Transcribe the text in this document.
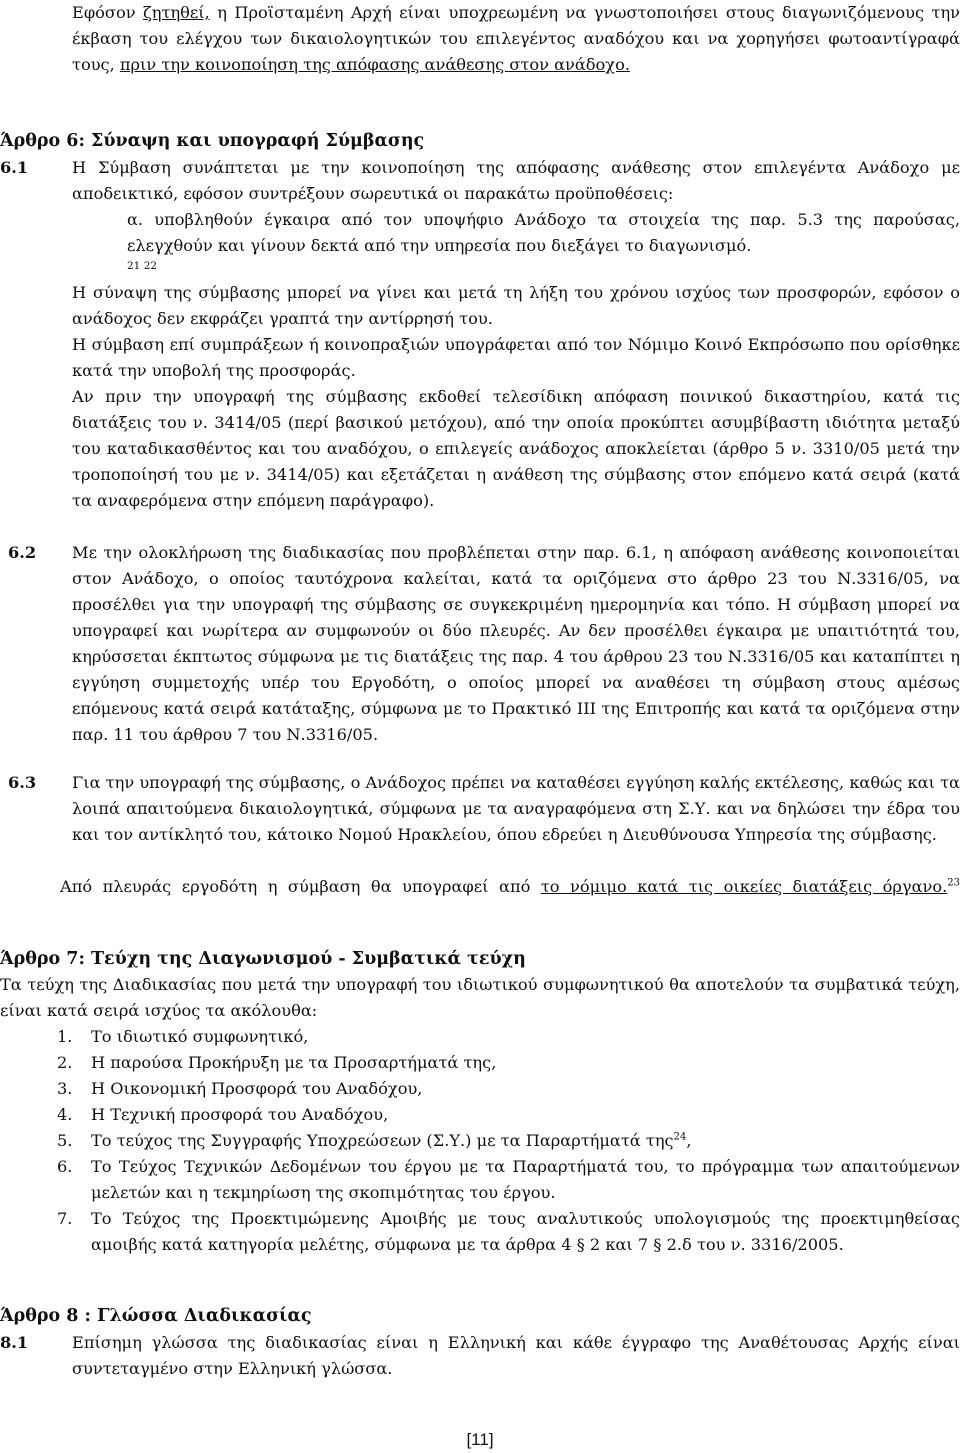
Εφόσον ζητηθεί, η Προϊσταμένη Αρχή είναι υποχρεωμένη να γνωστοποιήσει στους διαγωνιζόμενους την έκβαση του ελέγχου των δικαιολογητικών του επιλεγέντος αναδόχου και να χορηγήσει φωτοαντίγραφά τους, πριν την κοινοποίηση της απόφασης ανάθεσης στον ανάδοχο.
Άρθρο 6: Σύναψη και υπογραφή Σύμβασης
6.1	Η Σύμβαση συνάπτεται με την κοινοποίηση της απόφασης ανάθεσης στον επιλεγέντα Ανάδοχο με αποδεικτικό, εφόσον συντρέξουν σωρευτικά οι παρακάτω προϋποθέσεις:
α. υποβληθούν έγκαιρα από τον υποψήφιο Ανάδοχο τα στοιχεία της παρ. 5.3 της παρούσας, ελεγχθούν και γίνουν δεκτά από την υπηρεσία που διεξάγει το διαγωνισμό.
21 22
Η σύναψη της σύμβασης μπορεί να γίνει και μετά τη λήξη του χρόνου ισχύος των προσφορών, εφόσον ο ανάδοχος δεν εκφράζει γραπτά την αντίρρησή του.
Η σύμβαση επί συμπράξεων ή κοινοπραξιών υπογράφεται από τον Νόμιμο Κοινό Εκπρόσωπο που ορίσθηκε κατά την υποβολή της προσφοράς.
Αν πριν την υπογραφή της σύμβασης εκδοθεί τελεσίδικη απόφαση ποινικού δικαστηρίου, κατά τις διατάξεις του ν. 3414/05 (περί βασικού μετόχου), από την οποία προκύπτει ασυμβίβαστη ιδιότητα μεταξύ του καταδικασθέντος και του αναδόχου, ο επιλεγείς ανάδοχος αποκλείεται (άρθρο 5 ν. 3310/05 μετά την τροποποίησή του με ν. 3414/05) και εξετάζεται η ανάθεση της σύμβασης στον επόμενο κατά σειρά (κατά τα αναφερόμενα στην επόμενη παράγραφο).
6.2 Με την ολοκλήρωση της διαδικασίας που προβλέπεται στην παρ. 6.1, η απόφαση ανάθεσης κοινοποιείται στον Ανάδοχο, ο οποίος ταυτόχρονα καλείται, κατά τα οριζόμενα στο άρθρο 23 του Ν.3316/05, να προσέλθει για την υπογραφή της σύμβασης σε συγκεκριμένη ημερομηνία και τόπο. Η σύμβαση μπορεί να υπογραφεί και νωρίτερα αν συμφωνούν οι δύο πλευρές. Αν δεν προσέλθει έγκαιρα με υπαιτιότητά του, κηρύσσεται έκπτωτος σύμφωνα με τις διατάξεις της παρ. 4 του άρθρου 23 του Ν.3316/05 και καταπίπτει η εγγύηση συμμετοχής υπέρ του Εργοδότη, ο οποίος μπορεί να αναθέσει τη σύμβαση στους αμέσως επόμενους κατά σειρά κατάταξης, σύμφωνα με το Πρακτικό ΙΙΙ της Επιτροπής και κατά τα οριζόμενα στην παρ. 11 του άρθρου 7 του Ν.3316/05.
6.3 Για την υπογραφή της σύμβασης, ο Ανάδοχος πρέπει να καταθέσει εγγύηση καλής εκτέλεσης, καθώς και τα λοιπά απαιτούμενα δικαιολογητικά, σύμφωνα με τα αναγραφόμενα στη Σ.Υ. και να δηλώσει την έδρα του και τον αντίκλητό του, κάτοικο Νομού Ηρακλείου, όπου εδρεύει η Διευθύνουσα Υπηρεσία της σύμβασης.
Από πλευράς εργοδότη η σύμβαση θα υπογραφεί από το νόμιμο κατά τις οικείες διατάξεις όργανο.$^{23}$
Άρθρο 7: Τεύχη της Διαγωνισμού - Συμβατικά τεύχη
Τα τεύχη της Διαδικασίας που μετά την υπογραφή του ιδιωτικού συμφωνητικού θα αποτελούν τα συμβατικά τεύχη, είναι κατά σειρά ισχύος τα ακόλουθα:
1. Το ιδιωτικό συμφωνητικό,
2. Η παρούσα Προκήρυξη με τα Προσαρτήματά της,
3. Η Οικονομική Προσφορά του Αναδόχου,
4. Η Τεχνική προσφορά του Αναδόχου,
5. Το τεύχος της Συγγραφής Υποχρεώσεων (Σ.Υ.) με τα Παραρτήματά της$^{24}$,
6. Το Τεύχος Τεχνικών Δεδομένων του έργου με τα Παραρτήματά του, το πρόγραμμα των απαιτούμενων μελετών και η τεκμηρίωση της σκοπιμότητας του έργου.
7. Το Τεύχος της Προεκτιμώμενης Αμοιβής με τους αναλυτικούς υπολογισμούς της προεκτιμηθείσας αμοιβής κατά κατηγορία μελέτης, σύμφωνα με τα άρθρα 4 § 2 και 7 § 2.δ του ν. 3316/2005.
Άρθρο 8 : Γλώσσα Διαδικασίας
8.1	Επίσημη γλώσσα της διαδικασίας είναι η Ελληνική και κάθε έγγραφο της Αναθέτουσας Αρχής είναι συντεταγμένο στην Ελληνική γλώσσα.
[11]
